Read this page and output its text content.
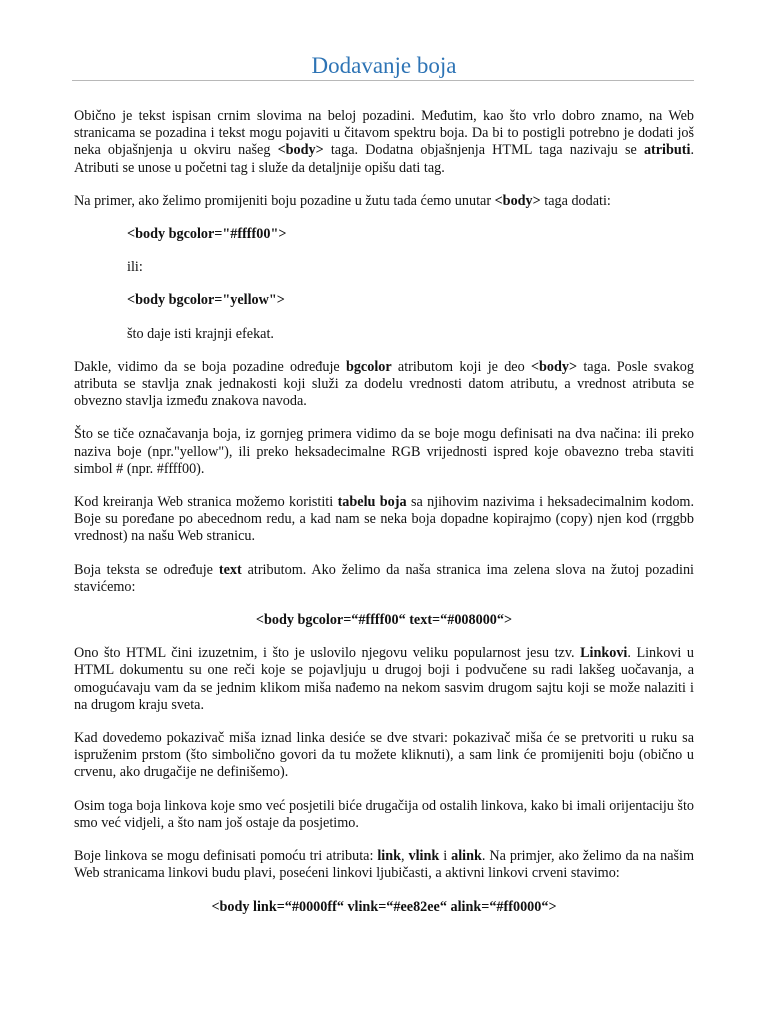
Dodavanje boja

Obično je tekst ispisan crnim slovima na beloj pozadini. Međutim, kao što vrlo dobro znamo, na Web stranicama se pozadina i tekst mogu pojaviti u čitavom spektru boja. Da bi to postigli potrebno je dodati još neka objašnjenja u okviru našeg <body> taga. Dodatna objašnjenja HTML taga nazivaju se atributi. Atributi se unose u početni tag i služe da detaljnije opišu dati tag.

Na primer, ako želimo promijeniti boju pozadine u žutu tada ćemo unutar <body> taga dodati:

<body bgcolor="#ffff00">

ili:

<body bgcolor="yellow">

što daje isti krajnji efekat.

Dakle, vidimo da se boja pozadine određuje bgcolor atributom koji je deo <body> taga. Posle svakog atributa se stavlja znak jednakosti koji služi za dodelu vrednosti datom atributu, a vrednost atributa se obvezno stavlja između znakova navoda.

Što se tiče označavanja boja, iz gornjeg primera vidimo da se boje mogu definisati na dva načina: ili preko naziva boje (npr."yellow"), ili preko heksadecimalne RGB vrijednosti ispred koje obavezno treba staviti simbol # (npr. #ffff00).

Kod kreiranja Web stranica možemo koristiti tabelu boja sa njihovim nazivima i heksadecimalnim kodom. Boje su poređane po abecednom redu, a kad nam se neka boja dopadne kopirajmo (copy) njen kod (rrggbb vrednost) na našu Web stranicu.

Boja teksta se određuje text atributom. Ako želimo da naša stranica ima zelena slova na žutoj pozadini stavićemo:

<body bgcolor=“#ffff00“ text=“#008000“>

Ono što HTML čini izuzetnim, i što je uslovilo njegovu veliku popularnost jesu tzv. Linkovi. Linkovi u HTML dokumentu su one reči koje se pojavljuju u drugoj boji i podvučene su radi lakšeg uočavanja, a omogućavaju vam da se jednim klikom miša nađemo na nekom sasvim drugom sajtu koji se može nalaziti i na drugom kraju sveta.

Kad dovedemo pokazivač miša iznad linka desiće se dve stvari: pokazivač miša će se pretvoriti u ruku sa ispruženim prstom (što simbolično govori da tu možete kliknuti), a sam link će promijeniti boju (obično u crvenu, ako drugačije ne definišemo).

Osim toga boja linkova koje smo već posjetili biće drugačija od ostalih linkova, kako bi imali orijentaciju što smo već vidjeli, a što nam još ostaje da posjetimo.

Boje linkova se mogu definisati pomoću tri atributa: link, vlink i alink. Na primjer, ako želimo da na našim Web stranicama linkovi budu plavi, posećeni linkovi ljubičasti, a aktivni linkovi crveni stavimo:

<body link=“#0000ff“ vlink=“#ee82ee“ alink=“#ff0000“>
